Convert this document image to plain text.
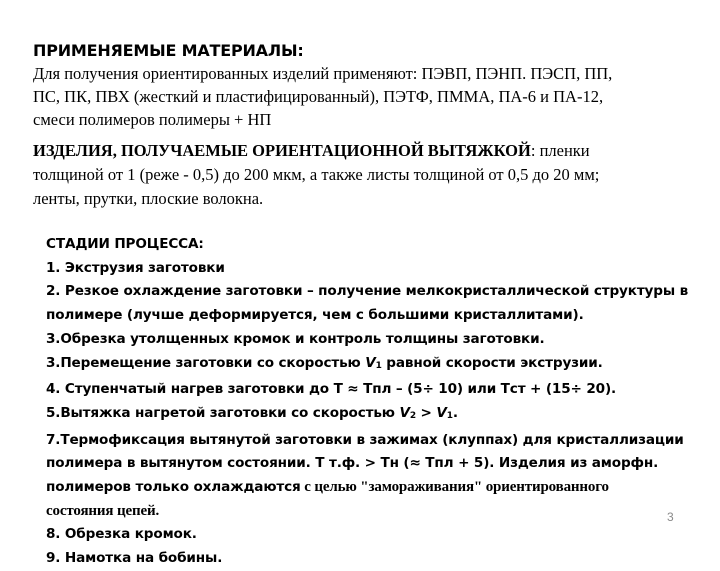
ПРИМЕНЯЕМЫЕ МАТЕРИАЛЫ:
Для получения ориентированных изделий применяют: ПЭВП, ПЭНП. ПЭСП, ПП,
ПС, ПК, ПВХ (жесткий и пластифицированный), ПЭТФ, ПММА, ПА-6 и ПА-12,
смеси полимеров полимеры + НП
ИЗДЕЛИЯ, ПОЛУЧАЕМЫЕ ОРИЕНТАЦИОННОЙ ВЫТЯЖКОЙ: пленки
толщиной от 1 (реже - 0,5) до 200 мкм, а также листы толщиной от 0,5 до 20 мм;
ленты, прутки, плоские волокна.
СТАДИИ ПРОЦЕССА:
1. Экструзия заготовки
2. Резкое охлаждение заготовки – получение мелкокристаллической структуры в
полимере (лучше деформируется, чем с большими кристаллитами).
3.Обрезка утолщенных кромок и контроль толщины заготовки.
3.Перемещение заготовки со скоростью $V_1$ равной скорости экструзии.
4. Ступенчатый нагрев заготовки до Т ≈ Тпл – (5÷ 10) или Тст + (15÷ 20).
5.Вытяжка нагретой заготовки со скоростью $V_2 > V_1$.
7.Термофиксация вытянутой заготовки в зажимах (клуппах) для кристаллизации
полимера в вытянутом состоянии. Т т.ф. > Тн (≈ Тпл + 5). Изделия из аморфн.
полимеров только охлаждаются с целью "замораживания" ориентированного
состояния цепей.
8. Обрезка кромок.
9. Намотка на бобины.
3
